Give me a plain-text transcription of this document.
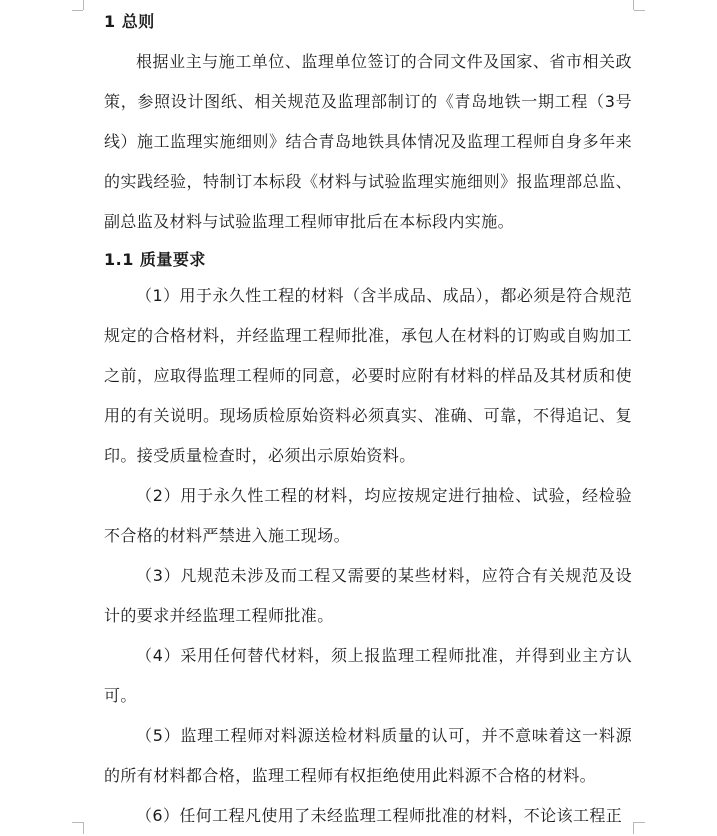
1 总则

根据业主与施工单位、监理单位签订的合同文件及国家、省市相关政策，参照设计图纸、相关规范及监理部制订的《青岛地铁一期工程（3号线）施工监理实施细则》结合青岛地铁具体情况及监理工程师自身多年来的实践经验，特制订本标段《材料与试验监理实施细则》报监理部总监、副总监及材料与试验监理工程师审批后在本标段内实施。

1.1 质量要求

（1）用于永久性工程的材料（含半成品、成品），都必须是符合规范规定的合格材料，并经监理工程师批准，承包人在材料的订购或自购加工之前，应取得监理工程师的同意，必要时应附有材料的样品及其材质和使用的有关说明。现场质检原始资料必须真实、准确、可靠，不得追记、复印。接受质量检查时，必须出示原始资料。

（2）用于永久性工程的材料，均应按规定进行抽检、试验，经检验不合格的材料严禁进入施工现场。

（3）凡规范未涉及而工程又需要的某些材料，应符合有关规范及设计的要求并经监理工程师批准。

（4）采用任何替代材料，须上报监理工程师批准，并得到业主方认可。

（5）监理工程师对料源送检材料质量的认可，并不意味着这一料源的所有材料都合格，监理工程师有权拒绝使用此料源不合格的材料。

（6）任何工程凡使用了未经监理工程师批准的材料，不论该工程正
